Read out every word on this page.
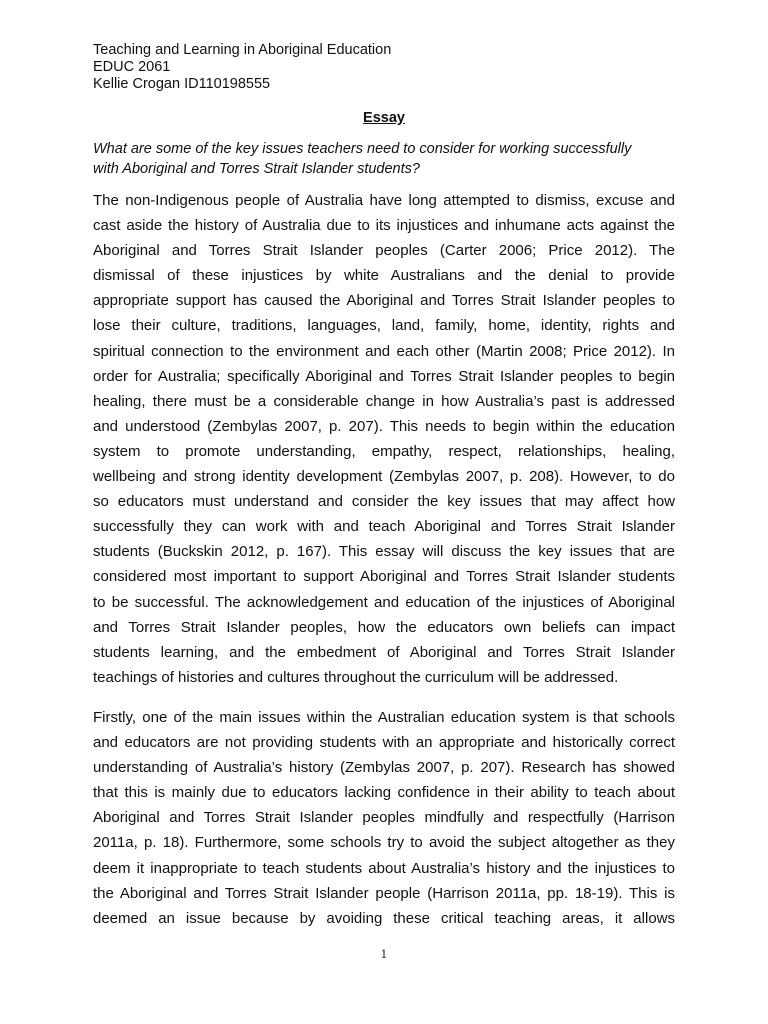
Teaching and Learning in Aboriginal Education
EDUC 2061
Kellie Crogan ID110198555
Essay
What are some of the key issues teachers need to consider for working successfully
with Aboriginal and Torres Strait Islander students?
The non-Indigenous people of Australia have long attempted to dismiss, excuse and
cast aside the history of Australia due to its injustices and inhumane acts against the
Aboriginal and Torres Strait Islander peoples (Carter 2006; Price 2012). The
dismissal of these injustices by white Australians and the denial to provide
appropriate support has caused the Aboriginal and Torres Strait Islander peoples to
lose their culture, traditions, languages, land, family, home, identity, rights and
spiritual connection to the environment and each other (Martin 2008; Price 2012). In
order for Australia; specifically Aboriginal and Torres Strait Islander peoples to begin
healing, there must be a considerable change in how Australia’s past is addressed
and understood (Zembylas 2007, p. 207). This needs to begin within the education
system to promote understanding, empathy, respect, relationships, healing,
wellbeing and strong identity development (Zembylas 2007, p. 208). However, to do
so educators must understand and consider the key issues that may affect how
successfully they can work with and teach Aboriginal and Torres Strait Islander
students (Buckskin 2012, p. 167). This essay will discuss the key issues that are
considered most important to support Aboriginal and Torres Strait Islander students
to be successful. The acknowledgement and education of the injustices of Aboriginal
and Torres Strait Islander peoples, how the educators own beliefs can impact
students learning, and the embedment of Aboriginal and Torres Strait Islander
teachings of histories and cultures throughout the curriculum will be addressed.
Firstly, one of the main issues within the Australian education system is that schools
and educators are not providing students with an appropriate and historically correct
understanding of Australia’s history (Zembylas 2007, p. 207). Research has showed
that this is mainly due to educators lacking confidence in their ability to teach about
Aboriginal and Torres Strait Islander peoples mindfully and respectfully (Harrison
2011a, p. 18). Furthermore, some schools try to avoid the subject altogether as they
deem it inappropriate to teach students about Australia’s history and the injustices to
the Aboriginal and Torres Strait Islander people (Harrison 2011a, pp. 18-19). This is
deemed an issue because by avoiding these critical teaching areas, it allows
1
